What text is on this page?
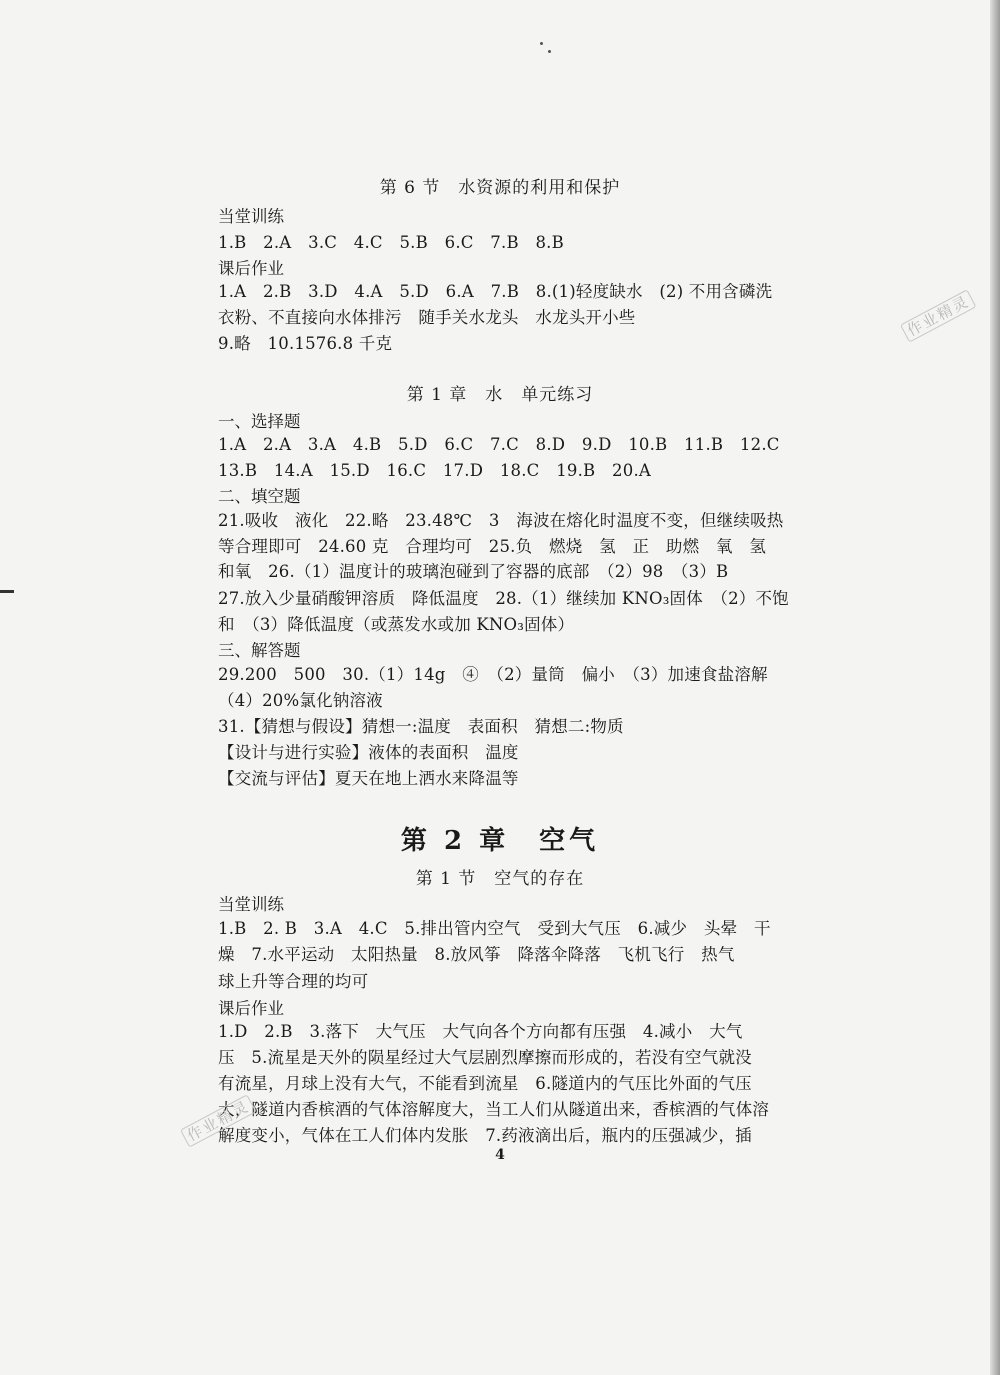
第 6 节　水资源的利用和保护
当堂训练
1.B　2.A　3.C　4.C　5.B　6.C　7.B　8.B
课后作业
1.A　2.B　3.D　4.A　5.D　6.A　7.B　8.(1)轻度缺水　(2) 不用含磷洗
衣粉、不直接向水体排污　随手关水龙头　水龙头开小些
9.略　10.1576.8 千克
作业精灵
第 1 章　水　单元练习
一、选择题
1.A　2.A　3.A　4.B　5.D　6.C　7.C　8.D　9.D　10.B　11.B　12.C
13.B　14.A　15.D　16.C　17.D　18.C　19.B　20.A
二、填空题
21.吸收　液化　22.略　23.48℃　3　海波在熔化时温度不变，但继续吸热
等合理即可　24.60 克　合理均可　25.负　燃烧　氢　正　助燃　氧　氢
和氧　26.（1）温度计的玻璃泡碰到了容器的底部　（2）98　（3）B
27.放入少量硝酸钾溶质　降低温度　28.（1）继续加 KNO₃固体　（2）不饱
和　（3）降低温度（或蒸发水或加 KNO₃固体）
三、解答题
29.200　500　30.（1）14g　④　（2）量筒　偏小　（3）加速食盐溶解
（4）20%氯化钠溶液
31.【猜想与假设】猜想一:温度　表面积　猜想二:物质
【设计与进行实验】液体的表面积　温度
【交流与评估】夏天在地上洒水来降温等
第 2 章　空气
第 1 节　空气的存在
当堂训练
1.B　2. B　3.A　4.C　5.排出管内空气　受到大气压　6.减少　头晕　干
燥　7.水平运动　太阳热量　8.放风筝　降落伞降落　飞机飞行　热气
球上升等合理的均可
课后作业
1.D　2.B　3.落下　大气压　大气向各个方向都有压强　4.减小　大气
压　5.流星是天外的陨星经过大气层剧烈摩擦而形成的，若没有空气就没
有流星，月球上没有大气，不能看到流星　6.隧道内的气压比外面的气压
大，隧道内香槟酒的气体溶解度大，当工人们从隧道出来，香槟酒的气体溶
解度变小，气体在工人们体内发胀　7.药液滴出后，瓶内的压强减少，插
作业精灵
4
